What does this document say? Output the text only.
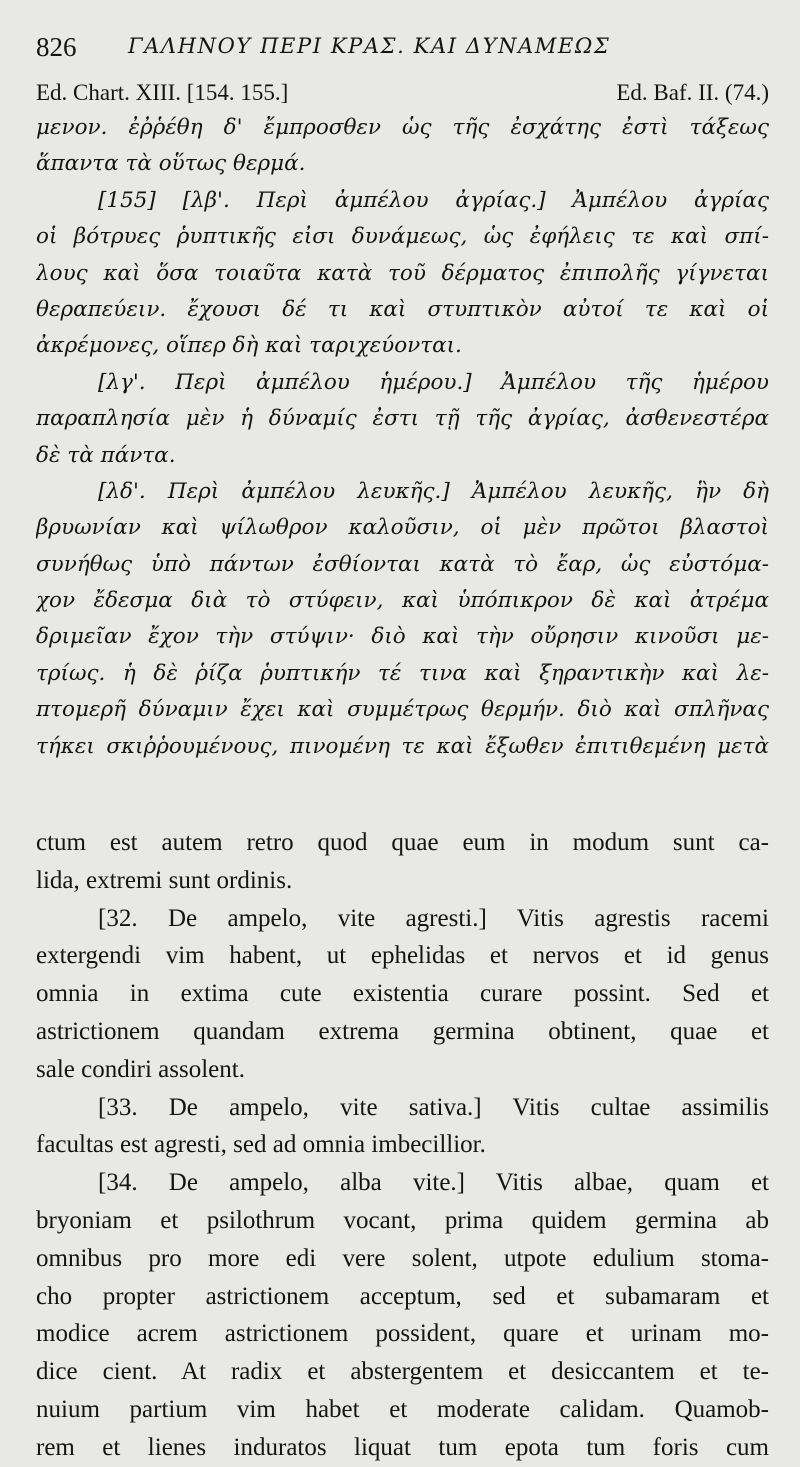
826 ΓΑΛΗΝΟΥ ΠΕΡΙ ΚΡΑΣ. ΚΑΙ ΔΥΝΑΜΕΩΣ
Ed. Chart. XIII. [154. 155.]	Ed. Baf. II. (74.)
μενον. ἐῤῥέθη δ' ἔμπροσθεν ὡς τῆς ἐσχάτης ἐστὶ τάξεως
ἅπαντα τὰ οὕτως θερμά.
[155] [λβ'. Περὶ ἀμπέλου ἀγρίας.] Ἀμπέλου ἀγρίας
οἱ βότρυες ῥυπτικῆς εἰσι δυνάμεως, ὡς ἐφήλεις τε καὶ σπί-
λους καὶ ὅσα τοιαῦτα κατὰ τοῦ δέρματος ἐπιπολῆς γίγνεται
θεραπεύειν. ἔχουσι δέ τι καὶ στυπτικὸν αὐτοί τε καὶ οἱ
ἀκρέμονες, οἵπερ δὴ καὶ ταριχεύονται.
[λγ'. Περὶ ἀμπέλου ἡμέρου.] Ἀμπέλου τῆς ἡμέρου
παραπλησία μὲν ἡ δύναμίς ἐστι τῇ τῆς ἀγρίας, ἀσθενεστέρα
δὲ τὰ πάντα.
[λδ'. Περὶ ἀμπέλου λευκῆς.] Ἀμπέλου λευκῆς, ἣν δὴ
βρυωνίαν καὶ ψίλωθρον καλοῦσιν, οἱ μὲν πρῶτοι βλαστοὶ
συνήθως ὑπὸ πάντων ἐσθίονται κατὰ τὸ ἔαρ, ὡς εὐστόμα-
χον ἔδεσμα διὰ τὸ στύφειν, καὶ ὑπόπικρον δὲ καὶ ἀτρέμα
δριμεῖαν ἔχον τὴν στύψιν· διὸ καὶ τὴν οὔρησιν κινοῦσι με-
τρίως. ἡ δὲ ῥίζα ῥυπτικήν τέ τινα καὶ ξηραντικὴν καὶ λε-
πτομερῆ δύναμιν ἔχει καὶ συμμέτρως θερμήν. διὸ καὶ σπλῆνας
τήκει σκιῤῥουμένους, πινομένη τε καὶ ἔξωθεν ἐπιτιθεμένη μετὰ
ctum est autem retro quod quae eum in modum sunt ca-
lida, extremi sunt ordinis.
[32. De ampelo, vite agresti.] Vitis agrestis racemi
extergendi vim habent, ut ephelidas et nervos et id genus
omnia in extima cute existentia curare possint. Sed et
astrictionem quandam extrema germina obtinent, quae et
sale condiri assolent.
[33. De ampelo, vite sativa.] Vitis cultae assimilis
facultas est agresti, sed ad omnia imbecillior.
[34. De ampelo, alba vite.] Vitis albae, quam et
bryoniam et psilothrum vocant, prima quidem germina ab
omnibus pro more edi vere solent, utpote edulium stoma-
cho propter astrictionem acceptum, sed et subamaram et
modice acrem astrictionem possident, quare et urinam mo-
dice cient. At radix et abstergentem et desiccantem et te-
nuium partium vim habet et moderate calidam. Quamob-
rem et lienes induratos liquat tum epota tum foris cum
